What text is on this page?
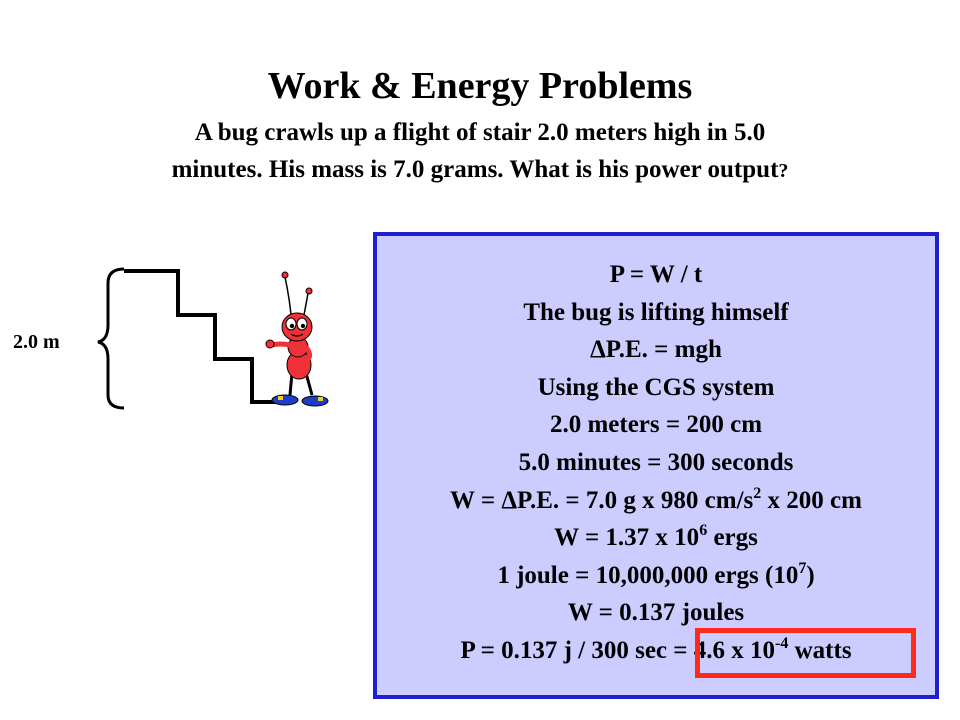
Work & Energy Problems
A bug crawls up a flight of stair 2.0 meters high in 5.0
minutes. His mass is 7.0 grams. What is his power output?
2.0 m
P = W / t
The bug is lifting himself
ΔP.E. = mgh
Using the CGS system
2.0 meters = 200 cm
5.0 minutes = 300 seconds
W = ΔP.E. = 7.0 g x 980 $cm/s^2$ x 200 cm
W = 1.37 x $10^6$ ergs
1 joule = 10,000,000 ergs $(10^7)$
W = 0.137 joules
P = 0.137 j / 300 sec = 4.6 x $10^{-4}$ watts
